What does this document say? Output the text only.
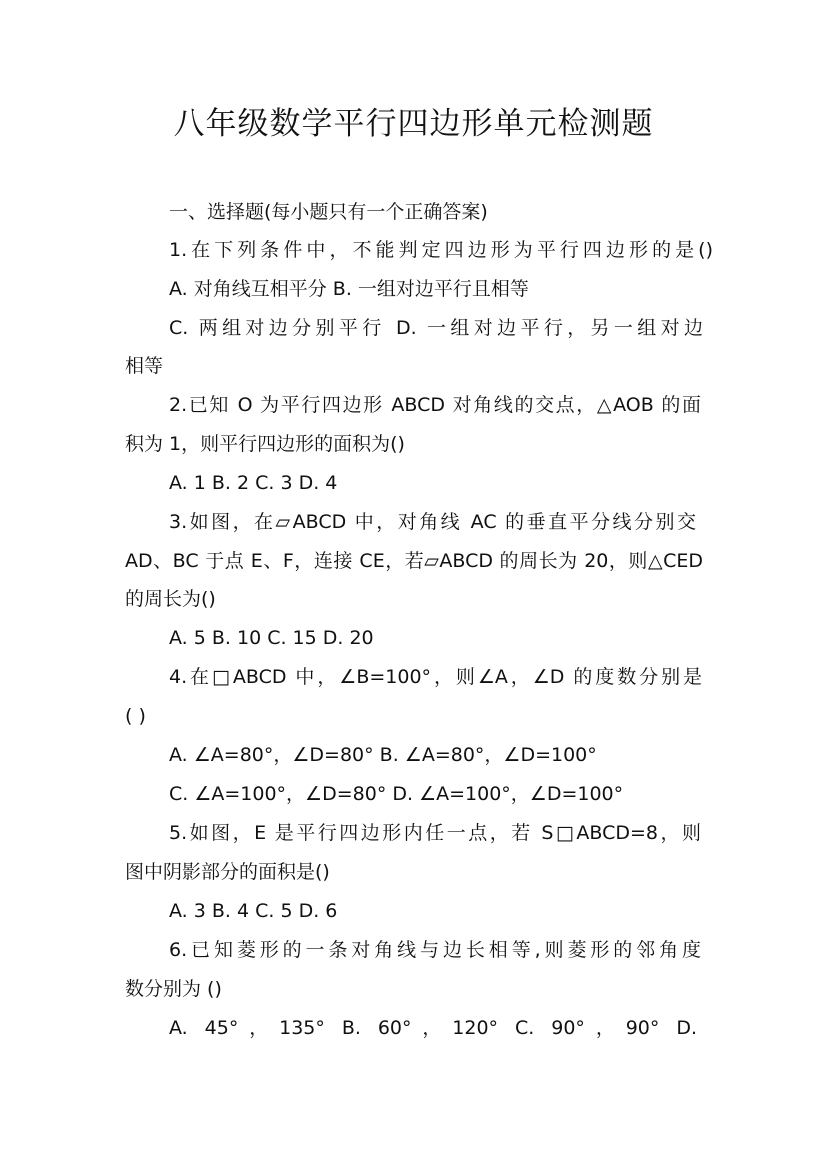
八年级数学平行四边形单元检测题

一、选择题(每小题只有一个正确答案)

1.在下列条件中，不能判定四边形为平行四边形的是()

A. 对角线互相平分 B. 一组对边平行且相等

C. 两组对边分别平行 D. 一组对边平行，另一组对边

相等

2.已知 O 为平行四边形 ABCD 对角线的交点，△AOB 的面

积为 1，则平行四边形的面积为()

A. 1 B. 2 C. 3 D. 4

3.如图，在▱ABCD 中，对角线 AC 的垂直平分线分别交

AD、BC 于点 E、F，连接 CE，若▱ABCD 的周长为 20，则△CED

的周长为()

A. 5 B. 10 C. 15 D. 20

4.在□ABCD 中，∠B=100°，则∠A，∠D 的度数分别是

( )

A. ∠A=80°，∠D=80° B. ∠A=80°，∠D=100°

C. ∠A=100°，∠D=80° D. ∠A=100°，∠D=100°

5.如图，E 是平行四边形内任一点，若 S□ABCD=8，则

图中阴影部分的面积是()

A. 3 B. 4 C. 5 D. 6

6.已知菱形的一条对角线与边长相等,则菱形的邻角度

数分别为 ()

A. 45°，135° B. 60°，120° C. 90°，90° D.
